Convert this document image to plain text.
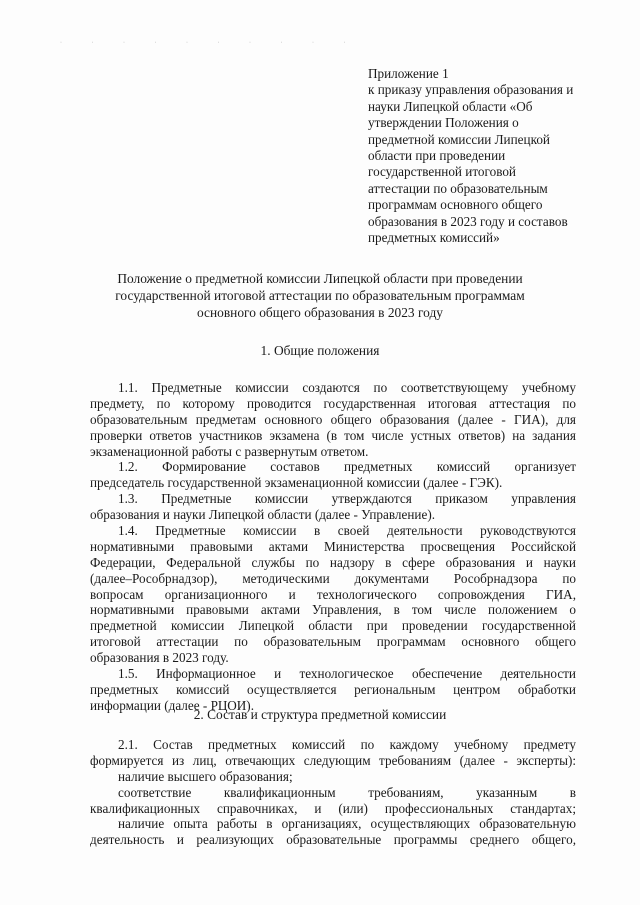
· · · · · · · · · ·
Приложение 1
к приказу управления образования и
науки Липецкой области «Об
утверждении Положения о
предметной комиссии Липецкой
области при проведении
государственной итоговой
аттестации по образовательным
программам основного общего
образования в 2023 году и составов
предметных комиссий»
Положение о предметной комиссии Липецкой области при проведении
государственной итоговой аттестации по образовательным программам
основного общего образования в 2023 году
1. Общие положения
1.1. Предметные комиссии создаются по соответствующему учебному
предмету, по которому проводится государственная итоговая аттестация по
образовательным предметам основного общего образования (далее - ГИА), для
проверки ответов участников экзамена (в том числе устных ответов) на задания
экзаменационной работы с развернутым ответом.
1.2. Формирование составов предметных комиссий организует
председатель государственной экзаменационной комиссии (далее - ГЭК).
1.3. Предметные комиссии утверждаются приказом управления
образования и науки Липецкой области (далее - Управление).
1.4. Предметные комиссии в своей деятельности руководствуются
нормативными правовыми актами Министерства просвещения Российской
Федерации, Федеральной службы по надзору в сфере образования и науки
(далее–Рособрнадзор), методическими документами Рособрнадзора по
вопросам организационного и технологического сопровождения ГИА,
нормативными правовыми актами Управления, в том числе положением о
предметной комиссии Липецкой области при проведении государственной
итоговой аттестации по образовательным программам основного общего
образования в 2023 году.
1.5. Информационное и технологическое обеспечение деятельности
предметных комиссий осуществляется региональным центром обработки
информации (далее - РЦОИ).
2. Состав и структура предметной комиссии
2.1. Состав предметных комиссий по каждому учебному предмету
формируется из лиц, отвечающих следующим требованиям (далее - эксперты):
наличие высшего образования;
соответствие квалификационным требованиям, указанным в
квалификационных справочниках, и (или) профессиональных стандартах;
наличие опыта работы в организациях, осуществляющих образовательную
деятельность и реализующих образовательные программы среднего общего,
